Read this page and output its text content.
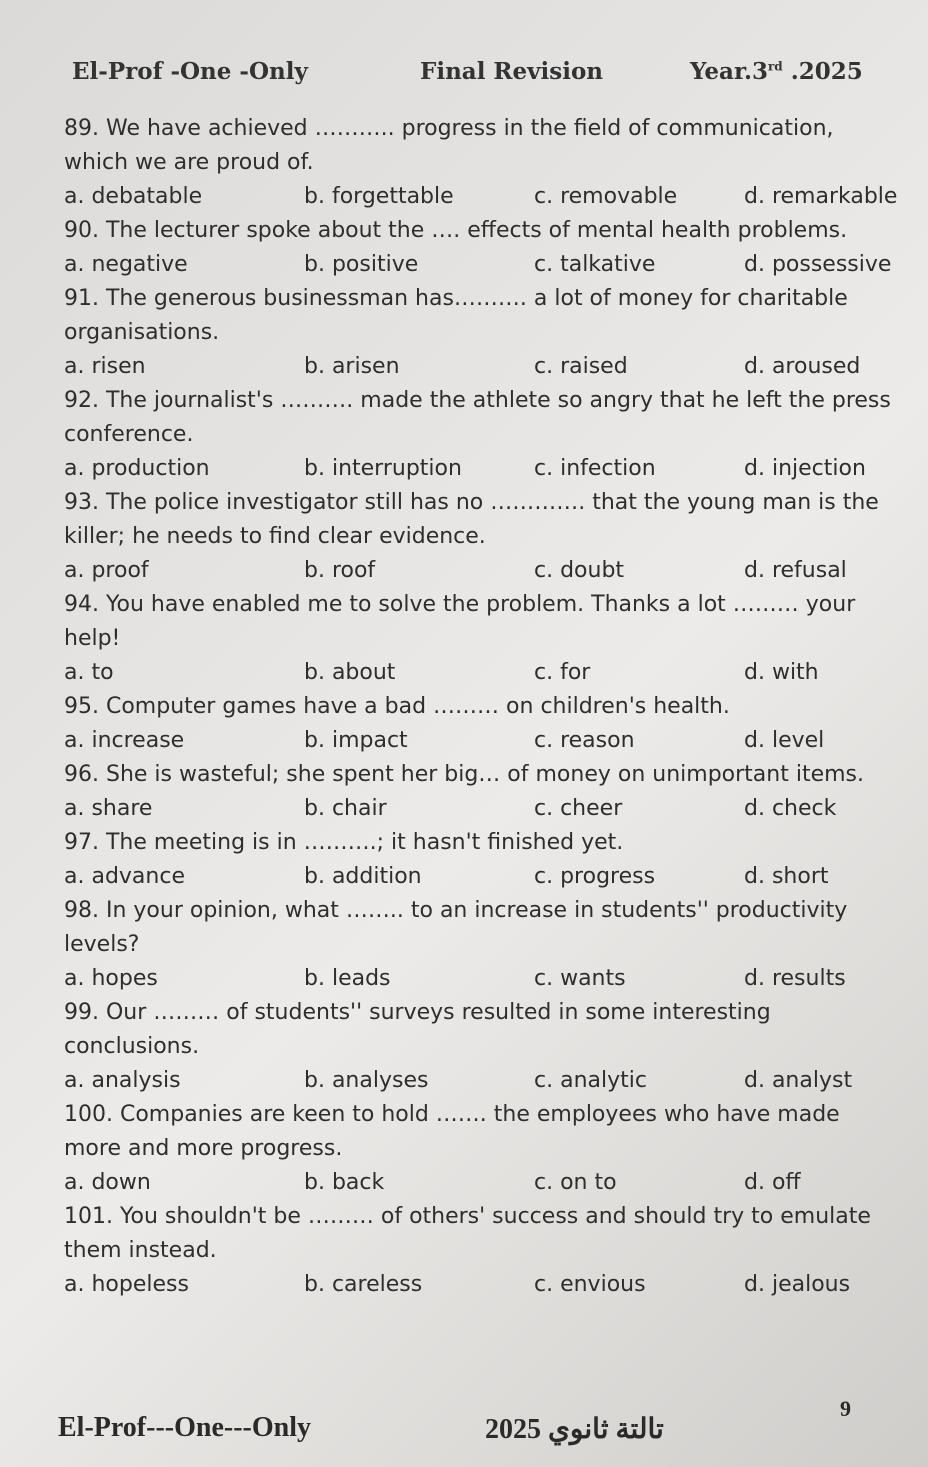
El-Prof -One -Only	Final Revision	Year.3rd .2025

89. We have achieved ……….. progress in the field of communication, which we are proud of.

a. debatable	b. forgettable	c. removable	d. remarkable

90. The lecturer spoke about the …. effects of mental health problems.

a. negative	b. positive	c. talkative	d. possessive

91. The generous businessman has………. a lot of money for charitable organisations.

a. risen	b. arisen	c. raised	d. aroused

92. The journalist's ………. made the athlete so angry that he left the press conference.

a. production	b. interruption	c. infection	d. injection

93. The police investigator still has no …………. that the young man is the killer; he needs to find clear evidence.

a. proof	b. roof	c. doubt	d. refusal

94. You have enabled me to solve the problem. Thanks a lot ……… your help!

a. to	b. about	c. for	d. with

95. Computer games have a bad ……… on children's health.

a. increase	b. impact	c. reason	d. level

96. She is wasteful; she spent her big… of money on unimportant items.

a. share	b. chair	c. cheer	d. check

97. The meeting is in ……….; it hasn't finished yet.

a. advance	b. addition	c. progress	d. short

98. In your opinion, what …….. to an increase in students'' productivity levels?

a. hopes	b. leads	c. wants	d. results

99. Our ……… of students'' surveys resulted in some interesting conclusions.

a. analysis	b. analyses	c. analytic	d. analyst

100. Companies are keen to hold ……. the employees who have made more and more progress.

a. down	b. back	c. on to	d. off

101. You shouldn't be ……… of others' success and should try to emulate them instead.

a. hopeless	b. careless	c. envious	d. jealous
El-Prof---One---Only	2025 تالتة ثانوي
9
